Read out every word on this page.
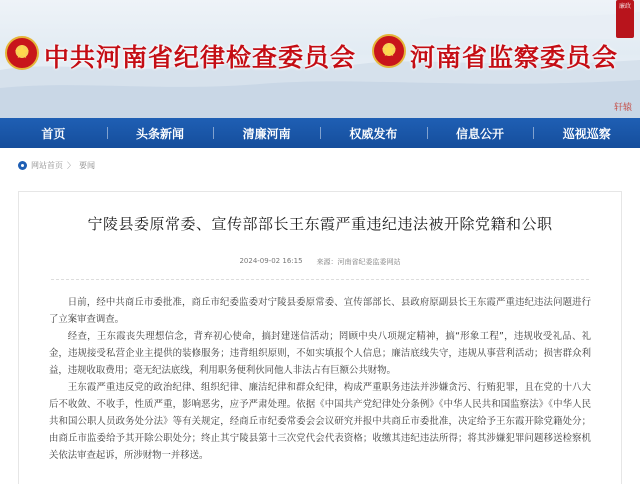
廉政
★ 中共河南省纪律检查委员会	★ 河南省监察委员会
轩辕
首页	头条新闻	清廉河南	权威发布	信息公开	巡视巡察
网站首页 〉 要闻
宁陵县委原常委、宣传部部长王东霞严重违纪违法被开除党籍和公职
2024-09-02 16:15 来源：河南省纪委监委网站

日前，经中共商丘市委批准，商丘市纪委监委对宁陵县委原常委、宣传部部长、县政府原副县长王东霞严重违纪违法问题进行了立案审查调查。

经查，王东霞丧失理想信念，背弃初心使命，搞封建迷信活动；罔顾中央八项规定精神，搞“形象工程”，违规收受礼品、礼金，违规接受私营企业主提供的装修服务；违背组织原则，不如实填报个人信息；廉洁底线失守，违规从事营利活动；损害群众利益，违规收取费用；毫无纪法底线，利用职务便利伙同他人非法占有巨额公共财物。

王东霞严重违反党的政治纪律、组织纪律、廉洁纪律和群众纪律，构成严重职务违法并涉嫌贪污、行贿犯罪，且在党的十八大后不收敛、不收手，性质严重，影响恶劣，应予严肃处理。依据《中国共产党纪律处分条例》《中华人民共和国监察法》《中华人民共和国公职人员政务处分法》等有关规定，经商丘市纪委常委会会议研究并报中共商丘市委批准，决定给予王东霞开除党籍处分；由商丘市监委给予其开除公职处分；终止其宁陵县第十三次党代会代表资格；收缴其违纪违法所得；将其涉嫌犯罪问题移送检察机关依法审查起诉，所涉财物一并移送。
